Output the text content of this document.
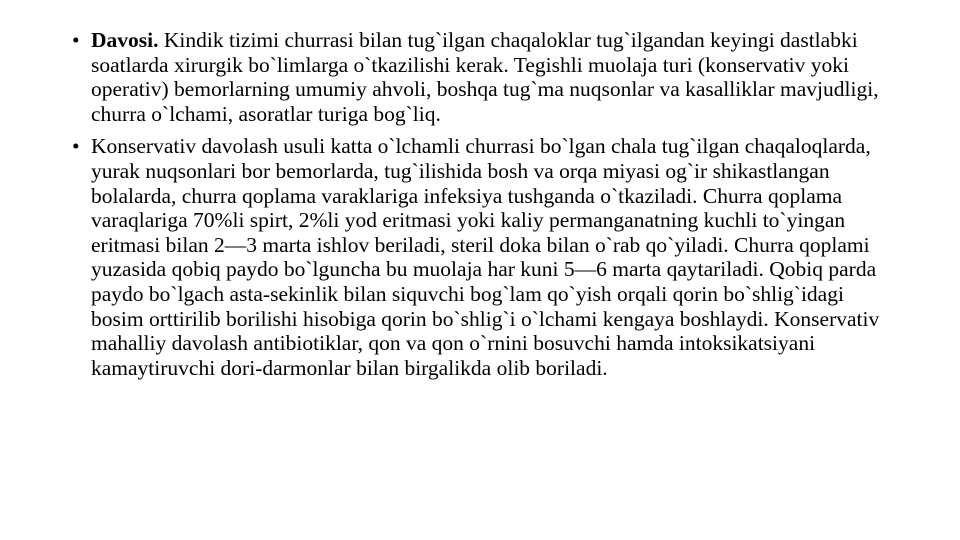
• Davosi. Kindik tizimi churrasi bilan tug`ilgan chaqaloklar tug`ilgandan keyingi dastlabki soatlarda xirurgik bo`limlarga o`tkazilishi kerak. Tegishli muolaja turi (konservativ yoki operativ) bemorlarning umumiy ahvoli, boshqa tug`ma nuqsonlar va kasalliklar mavjudligi, churra o`lchami, asoratlar turiga bog`liq.
• Konservativ davolash usuli katta o`lchamli churrasi bo`lgan chala tug`ilgan chaqaloqlarda, yurak nuqsonlari bor bemorlarda, tug`ilishida bosh va orqa miyasi og`ir shikastlangan bolalarda, churra qoplama varaklariga infeksiya tushganda o`tkaziladi. Churra qoplama varaqlariga 70%li spirt, 2%li yod eritmasi yoki kaliy permanganatning kuchli to`yingan eritmasi bilan 2—3 marta ishlov beriladi, steril doka bilan o`rab qo`yiladi. Churra qoplami yuzasida qobiq paydo bo`lguncha bu muolaja har kuni 5—6 marta qaytariladi. Qobiq parda paydo bo`lgach asta-sekinlik bilan siquvchi bog`lam qo`yish orqali qorin bo`shlig`idagi bosim orttirilib borilishi hisobiga qorin bo`shlig`i o`lchami kengaya boshlaydi. Konservativ mahalliy davolash antibiotiklar, qon va qon o`rnini bosuvchi hamda intoksikatsiyani kamaytiruvchi dori-darmonlar bilan birgalikda olib boriladi.
